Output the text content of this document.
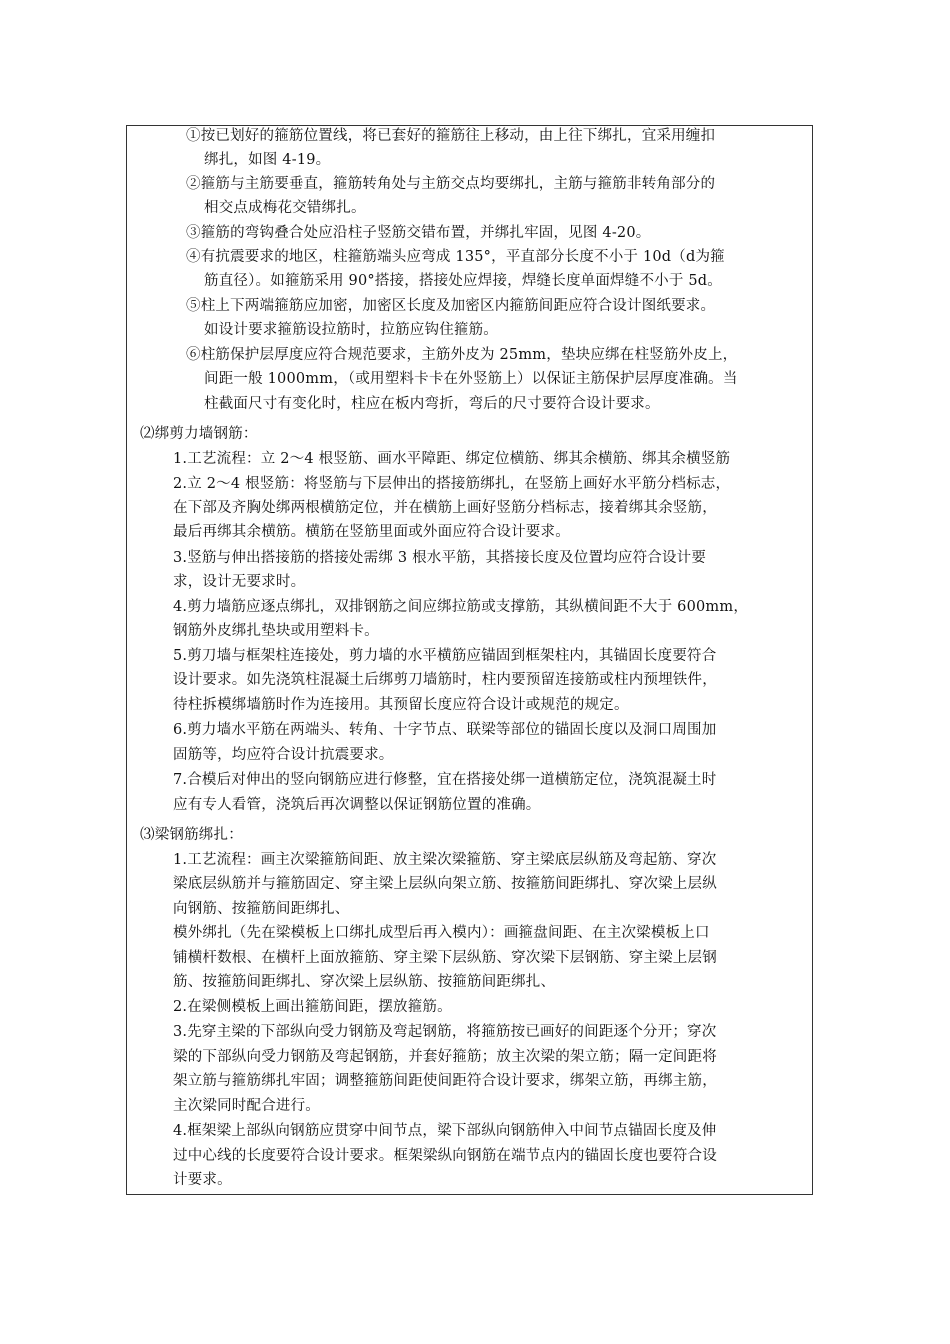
①按已划好的箍筋位置线，将已套好的箍筋往上移动，由上往下绑扎，宜采用缠扣
绑扎，如图 4-19。
②箍筋与主筋要垂直，箍筋转角处与主筋交点均要绑扎，主筋与箍筋非转角部分的
相交点成梅花交错绑扎。
③箍筋的弯钩叠合处应沿柱子竖筋交错布置，并绑扎牢固，见图 4-20。
④有抗震要求的地区，柱箍筋端头应弯成 135°，平直部分长度不小于 10d（d为箍
筋直径）。如箍筋采用 90°搭接，搭接处应焊接，焊缝长度单面焊缝不小于 5d。
⑤柱上下两端箍筋应加密，加密区长度及加密区内箍筋间距应符合设计图纸要求。
如设计要求箍筋设拉筋时，拉筋应钩住箍筋。
⑥柱筋保护层厚度应符合规范要求，主筋外皮为 25mm，垫块应绑在柱竖筋外皮上，
间距一般 1000mm，（或用塑料卡卡在外竖筋上）以保证主筋保护层厚度准确。当
柱截面尺寸有变化时，柱应在板内弯折，弯后的尺寸要符合设计要求。
⑵绑剪力墙钢筋：
1.工艺流程：立 2～4 根竖筋、画水平障距、绑定位横筋、绑其余横筋、绑其余横竖筋
2.立 2～4 根竖筋：将竖筋与下层伸出的搭接筋绑扎，在竖筋上画好水平筋分档标志，
在下部及齐胸处绑两根横筋定位，并在横筋上画好竖筋分档标志，接着绑其余竖筋，
最后再绑其余横筋。横筋在竖筋里面或外面应符合设计要求。
3.竖筋与伸出搭接筋的搭接处需绑 3 根水平筋，其搭接长度及位置均应符合设计要
求，设计无要求时。
4.剪力墙筋应逐点绑扎，双排钢筋之间应绑拉筋或支撑筋，其纵横间距不大于 600mm，
钢筋外皮绑扎垫块或用塑料卡。
5.剪刀墙与框架柱连接处，剪力墙的水平横筋应锚固到框架柱内，其锚固长度要符合
设计要求。如先浇筑柱混凝土后绑剪刀墙筋时，柱内要预留连接筋或柱内预埋铁件，
待柱拆模绑墙筋时作为连接用。其预留长度应符合设计或规范的规定。
6.剪力墙水平筋在两端头、转角、十字节点、联梁等部位的锚固长度以及洞口周围加
固筋等，均应符合设计抗震要求。
7.合模后对伸出的竖向钢筋应进行修整，宜在搭接处绑一道横筋定位，浇筑混凝土时
应有专人看管，浇筑后再次调整以保证钢筋位置的准确。
⑶梁钢筋绑扎：
1.工艺流程：画主次梁箍筋间距、放主梁次梁箍筋、穿主梁底层纵筋及弯起筋、穿次
梁底层纵筋并与箍筋固定、穿主梁上层纵向架立筋、按箍筋间距绑扎、穿次梁上层纵
向钢筋、按箍筋间距绑扎、
模外绑扎（先在梁模板上口绑扎成型后再入模内）：画箍盘间距、在主次梁模板上口
铺横杆数根、在横杆上面放箍筋、穿主梁下层纵筋、穿次梁下层钢筋、穿主梁上层钢
筋、按箍筋间距绑扎、穿次梁上层纵筋、按箍筋间距绑扎、
2.在梁侧模板上画出箍筋间距，摆放箍筋。
3.先穿主梁的下部纵向受力钢筋及弯起钢筋，将箍筋按已画好的间距逐个分开；穿次
梁的下部纵向受力钢筋及弯起钢筋，并套好箍筋；放主次梁的架立筋；隔一定间距将
架立筋与箍筋绑扎牢固；调整箍筋间距使间距符合设计要求，绑架立筋，再绑主筋，
主次梁同时配合进行。
4.框架梁上部纵向钢筋应贯穿中间节点，梁下部纵向钢筋伸入中间节点锚固长度及伸
过中心线的长度要符合设计要求。框架梁纵向钢筋在端节点内的锚固长度也要符合设
计要求。
